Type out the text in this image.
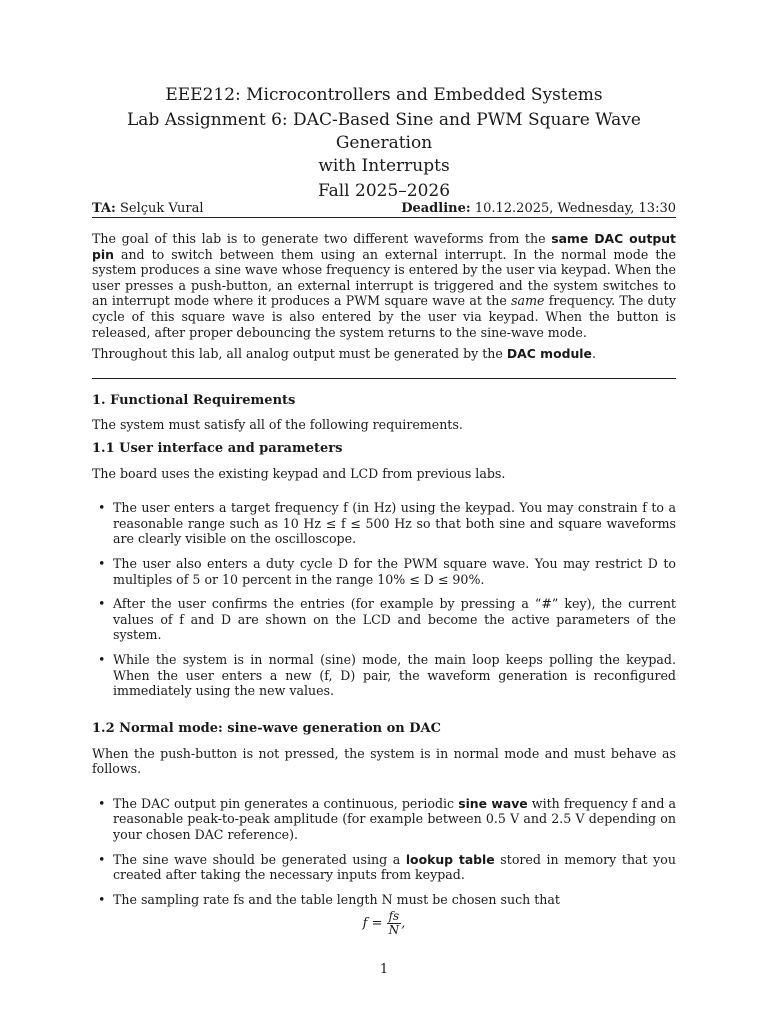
EEE212: Microcontrollers and Embedded Systems
Lab Assignment 6: DAC-Based Sine and PWM Square Wave Generation
with Interrupts
Fall 2025–2026
TA: Selçuk Vural	Deadline: 10.12.2025, Wednesday, 13:30

The goal of this lab is to generate two different waveforms from the same DAC output pin and to switch between them using an external interrupt. In the normal mode the system produces a sine wave whose frequency is entered by the user via keypad. When the user presses a push-button, an external interrupt is triggered and the system switches to an interrupt mode where it produces a PWM square wave at the same frequency. The duty cycle of this square wave is also entered by the user via keypad. When the button is released, after proper debouncing the system returns to the sine-wave mode.

Throughout this lab, all analog output must be generated by the DAC module.

1. Functional Requirements
The system must satisfy all of the following requirements.
1.1 User interface and parameters
The board uses the existing keypad and LCD from previous labs.
• The user enters a target frequency f (in Hz) using the keypad. You may constrain f to a reasonable range such as 10 Hz ≤ f ≤ 500 Hz so that both sine and square waveforms are clearly visible on the oscilloscope.
• The user also enters a duty cycle D for the PWM square wave. You may restrict D to multiples of 5 or 10 percent in the range 10% ≤ D ≤ 90%.
• After the user confirms the entries (for example by pressing a “#” key), the current values of f and D are shown on the LCD and become the active parameters of the system.
• While the system is in normal (sine) mode, the main loop keeps polling the keypad. When the user enters a new (f, D) pair, the waveform generation is reconfigured immediately using the new values.
1.2 Normal mode: sine-wave generation on DAC
When the push-button is not pressed, the system is in normal mode and must behave as follows.
• The DAC output pin generates a continuous, periodic sine wave with frequency f and a reasonable peak-to-peak amplitude (for example between 0.5 V and 2.5 V depending on your chosen DAC reference).
• The sine wave should be generated using a lookup table stored in memory that you created after taking the necessary inputs from keypad.
• The sampling rate fs and the table length N must be chosen such that
$f = \frac{fs}{N}$ ,
1
